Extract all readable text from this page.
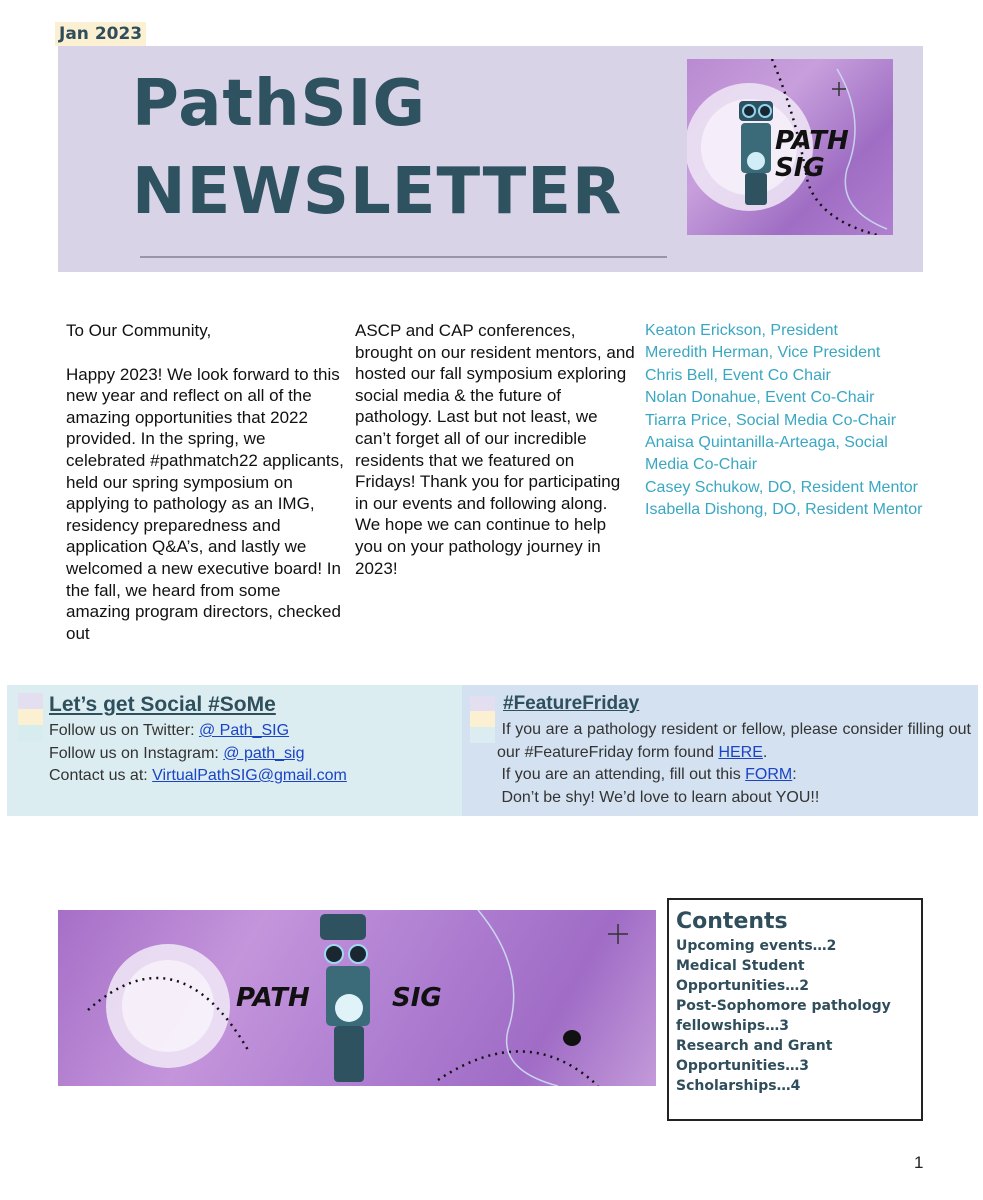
Jan 2023
PathSIG
NEWSLETTER
PATH
SIG

To Our Community,

Happy 2023! We look forward to this new year and reflect on all of the amazing opportunities that 2022 provided. In the spring, we celebrated #pathmatch22 applicants, held our spring symposium on applying to pathology as an IMG, residency preparedness and application Q&A’s, and lastly we welcomed a new executive board! In the fall, we heard from some amazing program directors, checked out

ASCP and CAP conferences, brought on our resident mentors, and hosted our fall symposium exploring social media & the future of pathology. Last but not least, we can’t forget all of our incredible residents that we featured on Fridays! Thank you for participating in our events and following along. We hope we can continue to help you on your pathology journey in 2023!

Keaton Erickson, President
Meredith Herman, Vice President
Chris Bell, Event Co Chair
Nolan Donahue, Event Co-Chair
Tiarra Price, Social Media Co-Chair
Anaisa Quintanilla-Arteaga, Social Media Co-Chair
Casey Schukow, DO, Resident Mentor
Isabella Dishong, DO, Resident Mentor
Let’s get Social #SoMe
Follow us on Twitter: @ Path_SIG
Follow us on Instagram: @ path_sig
Contact us at: VirtualPathSIG@gmail.com
#FeatureFriday
If you are a pathology resident or fellow, please consider filling out our #FeatureFriday form found HERE.
If you are an attending, fill out this FORM:
Don’t be shy! We’d love to learn about YOU!!
PATH	SIG
Contents
Upcoming events…2
Medical Student Opportunities…2
Post-Sophomore pathology fellowships…3
Research and Grant Opportunities…3
Scholarships…4
1
